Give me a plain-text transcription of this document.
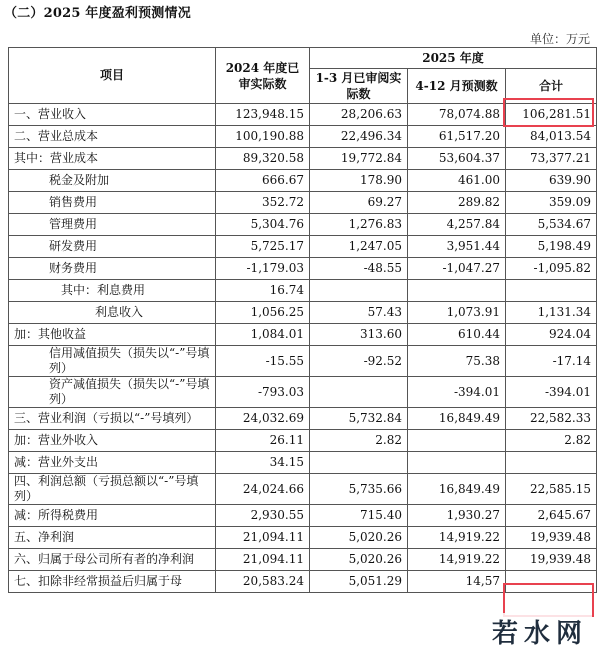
（二）2025 年度盈利预测情况
单位：万元
项目	2024 年度已审实际数	2025 年度		
		1-3 月已审阅实际数	4-12 月预测数	合计
一、营业收入	123,948.15	28,206.63	78,074.88	106,281.51
二、营业总成本	100,190.88	22,496.34	61,517.20	84,013.54
其中：营业成本	89,320.58	19,772.84	53,604.37	73,377.21
税金及附加	666.67	178.90	461.00	639.90
销售费用	352.72	69.27	289.82	359.09
管理费用	5,304.76	1,276.83	4,257.84	5,534.67
研发费用	5,725.17	1,247.05	3,951.44	5,198.49
财务费用	-1,179.03	-48.55	-1,047.27	-1,095.82
其中：利息费用	16.74			
利息收入	1,056.25	57.43	1,073.91	1,131.34
加：其他收益	1,084.01	313.60	610.44	924.04
信用减值损失（损失以“-”号填列）	-15.55	-92.52	75.38	-17.14
资产减值损失（损失以“-”号填列）	-793.03		-394.01	-394.01
三、营业利润（亏损以“-”号填列）	24,032.69	5,732.84	16,849.49	22,582.33
加：营业外收入	26.11	2.82		2.82
减：营业外支出	34.15			
四、利润总额（亏损总额以“-”号填列）	24,024.66	5,735.66	16,849.49	22,585.15
减：所得税费用	2,930.55	715.40	1,930.27	2,645.67
五、净利润	21,094.11	5,020.26	14,919.22	19,939.48
六、归属于母公司所有者的净利润	21,094.11	5,020.26	14,919.22	19,939.48
七、扣除非经常损益后归属于母	20,583.24	5,051.29	14,57	
若水网
